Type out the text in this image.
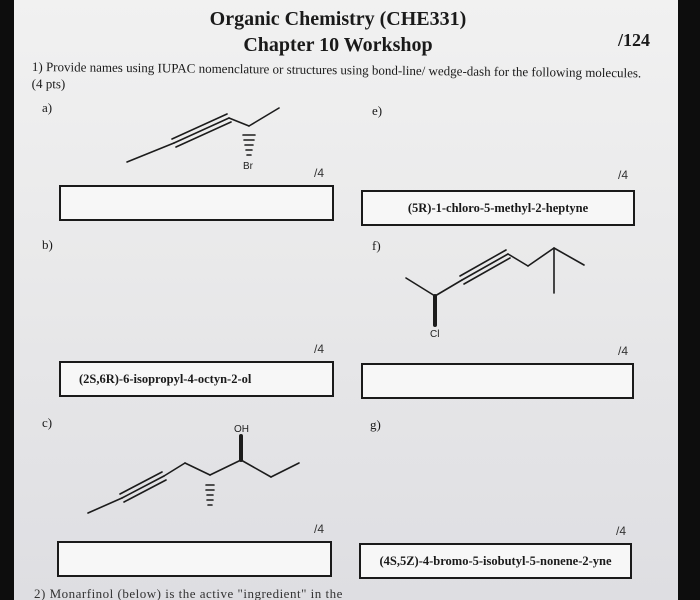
Organic Chemistry (CHE331)
Chapter 10 Workshop	/124
1) Provide names using IUPAC nomenclature or structures using bond-line/ wedge-dash for the following molecules. (4 pts)
a)
Br	/4
b)
/4
(2S,6R)-6-isopropyl-4-octyn-2-ol
c)	OH
/4
e)
/4
(5R)-1-chloro-5-methyl-2-heptyne
f)
Cl
/4
g)
/4
(4S,5Z)-4-bromo-5-isobutyl-5-nonene-2-yne
2) Monarfinol (below) is the active "ingredient" in the
